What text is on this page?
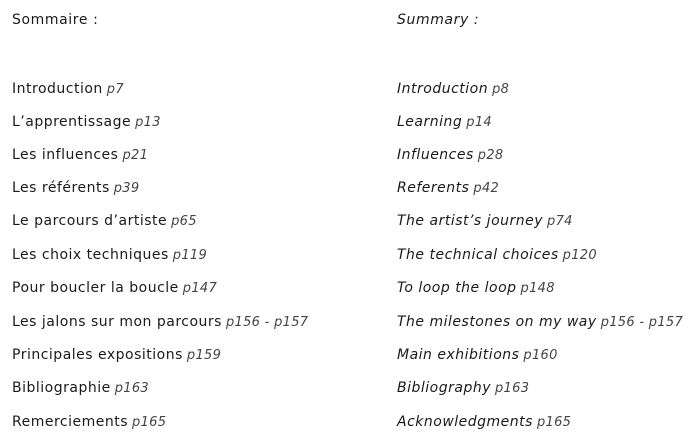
Sommaire :
Introduction p7
L’apprentissage p13
Les influences p21
Les référents p39
Le parcours d’artiste p65
Les choix techniques p119
Pour boucler la boucle p147
Les jalons sur mon parcours p156 - p157
Principales expositions p159
Bibliographie p163
Remerciements p165
Summary :
Introduction p8
Learning p14
Influences p28
Referents p42
The artist’s journey p74
The technical choices p120
To loop the loop p148
The milestones on my way p156 - p157
Main exhibitions p160
Bibliography p163
Acknowledgments p165
